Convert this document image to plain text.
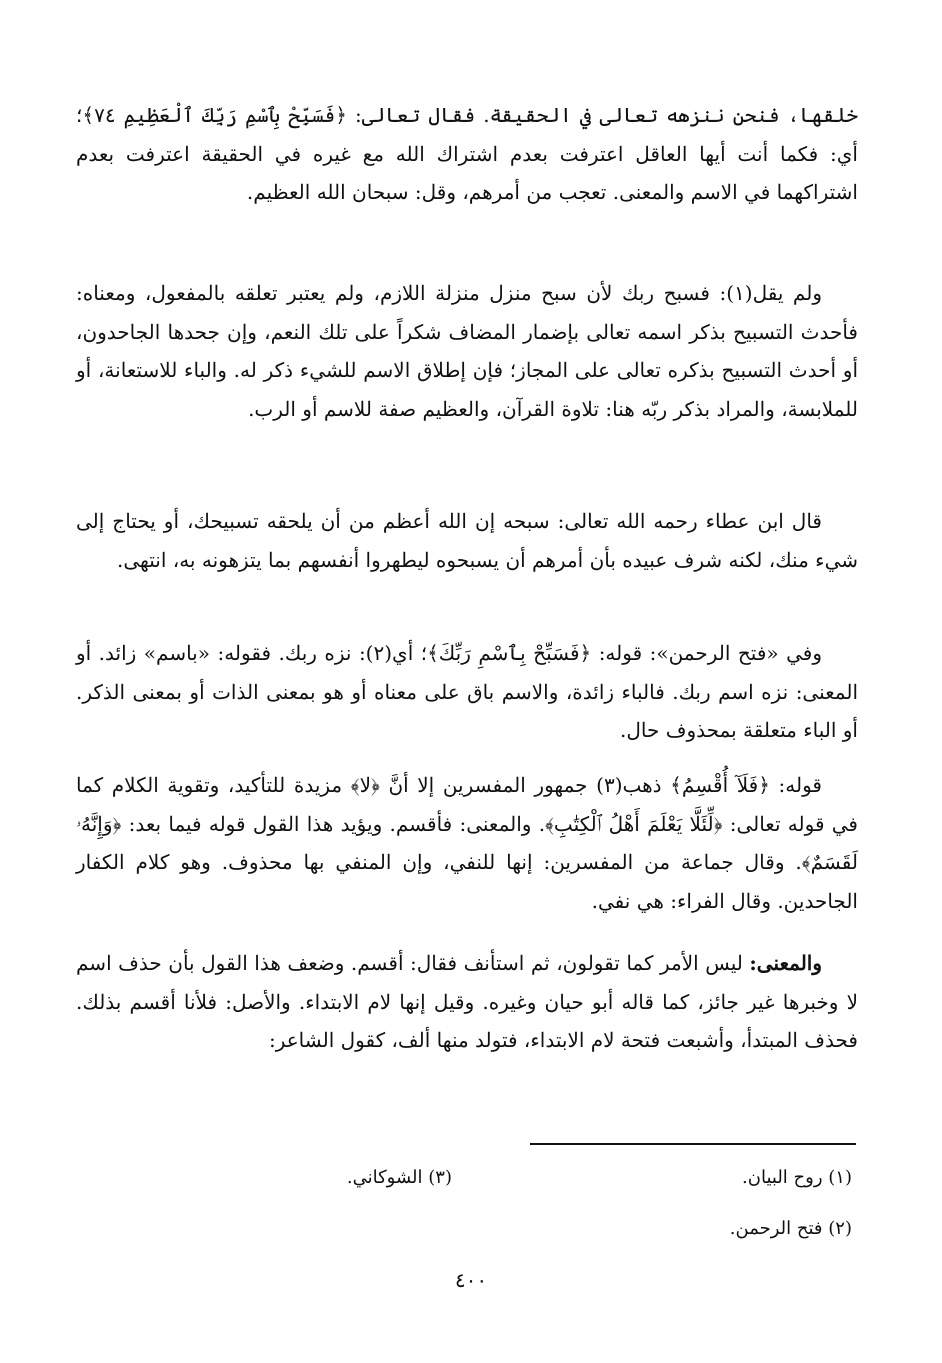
خلقها، فنحن ننزهه تعالى في الحقيقة. فقال تعالى: ﴿فَسَبِّحْ بِٱسْمِ رَبِّكَ ٱلْعَظِيمِ ٧٤﴾؛ أي: فكما أنت أيها العاقل اعترفت بعدم اشتراك الله مع غيره في الحقيقة اعترفت بعدم اشتراكهما في الاسم والمعنى. تعجب من أمرهم، وقل: سبحان الله العظيم.

ولم يقل(١): فسبح ربك لأن سبح منزل منزلة اللازم، ولم يعتبر تعلقه بالمفعول، ومعناه: فأحدث التسبيح بذكر اسمه تعالى بإضمار المضاف شكراً على تلك النعم، وإن جحدها الجاحدون، أو أحدث التسبيح بذكره تعالى على المجاز؛ فإن إطلاق الاسم للشيء ذكر له. والباء للاستعانة، أو للملابسة، والمراد بذكر ربّه هنا: تلاوة القرآن، والعظيم صفة للاسم أو الرب.

قال ابن عطاء رحمه الله تعالى: سبحه إن الله أعظم من أن يلحقه تسبيحك، أو يحتاج إلى شيء منك، لكنه شرف عبيده بأن أمرهم أن يسبحوه ليطهروا أنفسهم بما يتزهونه به، انتهى.

وفي «فتح الرحمن»: قوله: ﴿فَسَبِّحْ بِٱسْمِ رَبِّكَ﴾؛ أي(٢): نزه ربك. فقوله: «باسم» زائد. أو المعنى: نزه اسم ربك. فالباء زائدة، والاسم باق على معناه أو هو بمعنى الذات أو بمعنى الذكر. أو الباء متعلقة بمحذوف حال.

قوله: ﴿فَلَآ أُقْسِمُ﴾ ذهب(٣) جمهور المفسرين إلا أنَّ ﴿لا﴾ مزيدة للتأكيد، وتقوية الكلام كما في قوله تعالى: ﴿لِّئَلَّا يَعْلَمَ أَهْلُ ٱلْكِتَٰبِ﴾. والمعنى: فأقسم. ويؤيد هذا القول قوله فيما بعد: ﴿وَإِنَّهُۥ لَقَسَمٌ﴾. وقال جماعة من المفسرين: إنها للنفي، وإن المنفي بها محذوف. وهو كلام الكفار الجاحدين. وقال الفراء: هي نفي.

والمعنى: ليس الأمر كما تقولون، ثم استأنف فقال: أقسم. وضعف هذا القول بأن حذف اسم لا وخبرها غير جائز، كما قاله أبو حيان وغيره. وقيل إنها لام الابتداء. والأصل: فلأنا أقسم بذلك. فحذف المبتدأ، وأشبعت فتحة لام الابتداء، فتولد منها ألف، كقول الشاعر:

(١) روح البيان.
(٣) الشوكاني.
(٢) فتح الرحمن.
٤٠٠
